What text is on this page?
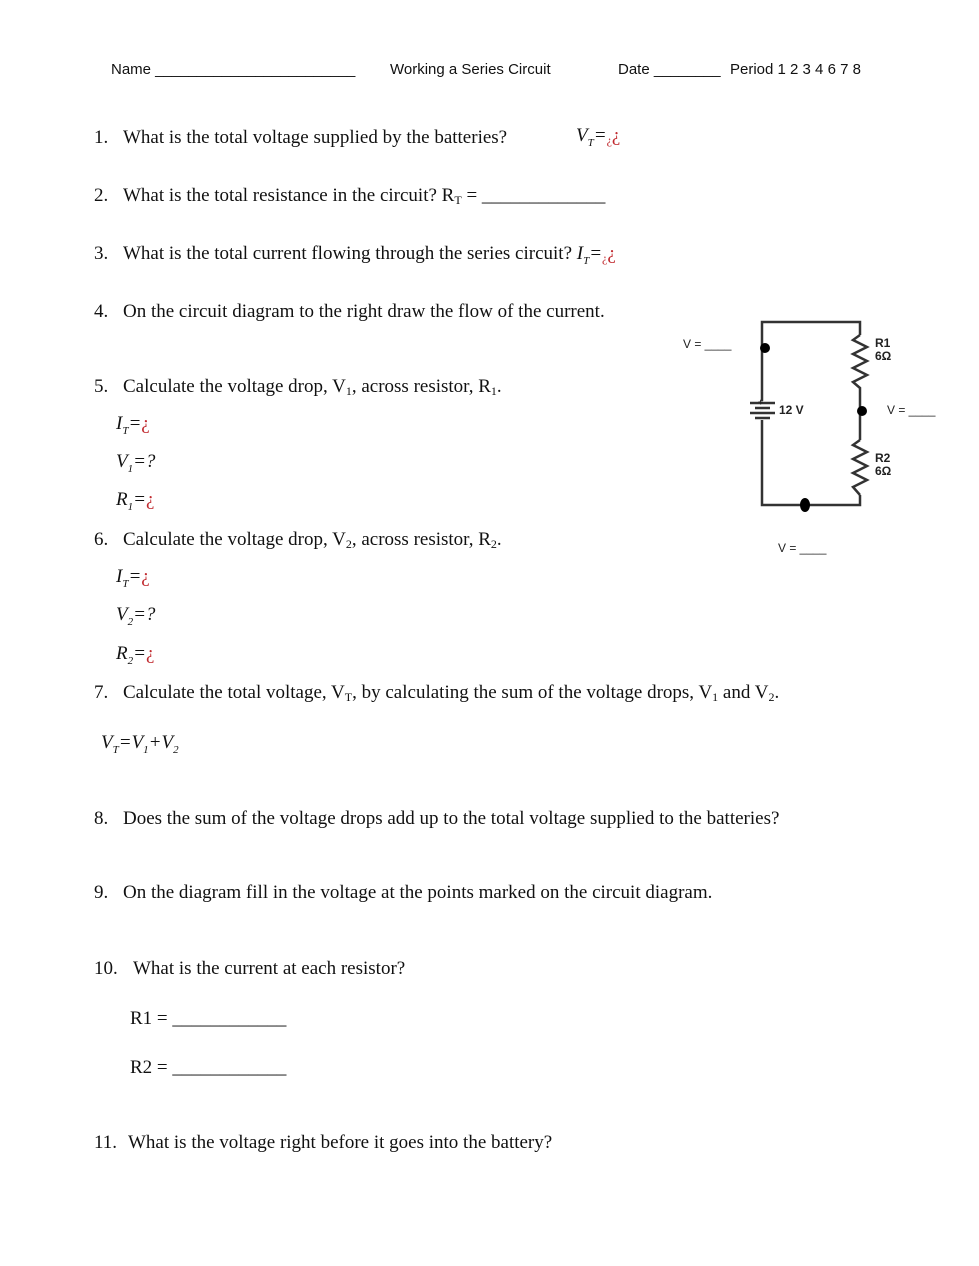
Name ________________________ Working a Series Circuit	Date ________ Period 1 2 3 4 6 7 8
1. What is the total voltage supplied by the batteries?	$V_T=_¿¿$
2. What is the total resistance in the circuit? $R_T$ = _____________
3. What is the total current flowing through the series circuit? $I_T=_¿¿$
4. On the circuit diagram to the right draw the flow of the current.
5. Calculate the voltage drop, $V_1$, across resistor, $R_1$.
$I_T=¿$
$V_1=$?
$R_1=¿$
6. Calculate the voltage drop, $V_2$, across resistor, $R_2$.
$I_T=¿$
$V_2=$?
$R_2=¿$
7. Calculate the total voltage, $V_T$, by calculating the sum of the voltage drops, $V_1$ and $V_2$.
$V_T=V_1+V_2$
8. Does the sum of the voltage drops add up to the total voltage supplied to the batteries?
9. On the diagram fill in the voltage at the points marked on the circuit diagram.
10. What is the current at each resistor?
R1 = ____________
R2 = ____________
11. What is the voltage right before it goes into the battery?
+
12 V
R1
6Ω
R2
6Ω
V = ____
V = ____
V = ____
